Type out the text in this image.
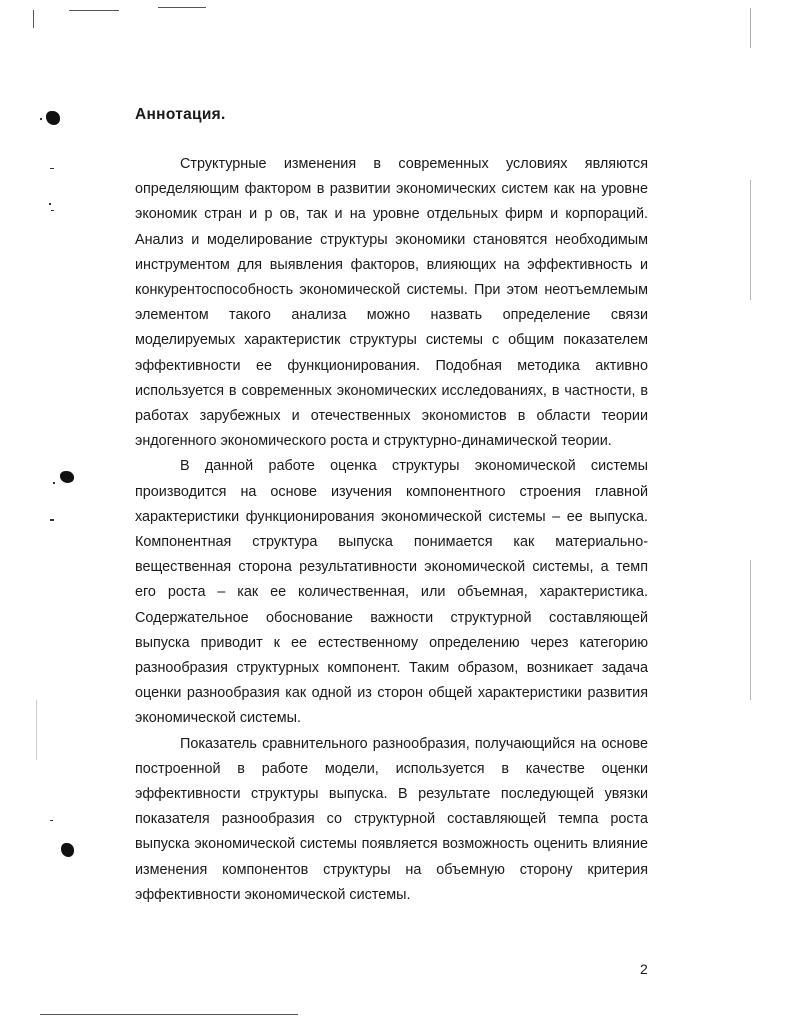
Аннотация.

Структурные изменения в современных условиях являются определяющим фактором в развитии экономических систем как на уровне экономик стран и р ов, так и на уровне отдельных фирм и корпораций. Анализ и моделирование структуры экономики становятся необходимым инструментом для выявления факторов, влияющих на эффективность и конкурентоспособность экономической системы. При этом неотъемлемым элементом такого анализа можно назвать определение связи моделируемых характеристик структуры системы с общим показателем эффективности ее функционирования. Подобная методика активно используется в современных экономических исследованиях, в частности, в работах зарубежных и отечественных экономистов в области теории эндогенного экономического роста и структурно-динамической теории.

В данной работе оценка структуры экономической системы производится на основе изучения компонентного строения главной характеристики функционирования экономической системы – ее выпуска. Компонентная структура выпуска понимается как материально-вещественная сторона результативности экономической системы, а темп его роста – как ее количественная, или объемная, характеристика. Содержательное обоснование важности структурной составляющей выпуска приводит к ее естественному определению через категорию разнообразия структурных компонент. Таким образом, возникает задача оценки разнообразия как одной из сторон общей характеристики развития экономической системы.

Показатель сравнительного разнообразия, получающийся на основе построенной в работе модели, используется в качестве оценки эффективности структуры выпуска. В результате последующей увязки показателя разнообразия со структурной составляющей темпа роста выпуска экономической системы появляется возможность оценить влияние изменения компонентов структуры на объемную сторону критерия эффективности экономической системы.

2
